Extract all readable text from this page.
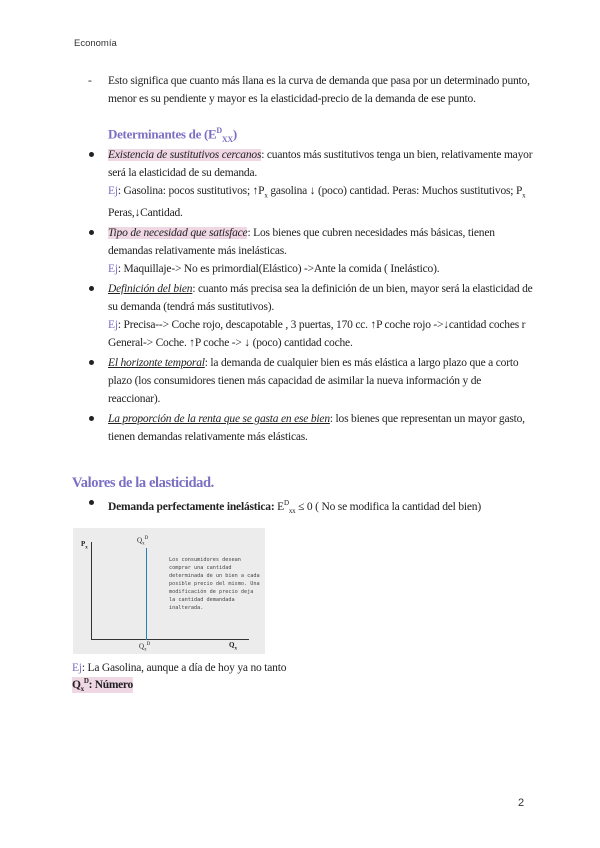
Economía
- Esto significa que cuanto más llana es la curva de demanda que pasa por un determinado punto, menor es su pendiente y mayor es la elasticidad-precio de la demanda de ese punto.
Determinantes de $(E^D_{XX})$
Existencia de sustitutivos cercanos: cuantos más sustitutivos tenga un bien, relativamente mayor será la elasticidad de su demanda.
Ej: Gasolina: pocos sustitutivos; $↑P_x$ gasolina ↓ (poco) cantidad. Peras: Muchos sustitutivos; $P_x$ Peras,↓Cantidad.
Tipo de necesidad que satisface: Los bienes que cubren necesidades más básicas, tienen demandas relativamente más inelásticas.
Ej: Maquillaje-> No es primordial(Elástico) ->Ante la comida ( Inelástico).
Definición del bien: cuanto más precisa sea la definición de un bien, mayor será la elasticidad de su demanda (tendrá más sustitutivos).
Ej: Precisa--> Coche rojo, descapotable , 3 puertas, 170 cc. ↑P coche rojo ->↓cantidad coches r General-> Coche. ↑P coche -> ↓ (poco) cantidad coche.
El horizonte temporal: la demanda de cualquier bien es más elástica a largo plazo que a corto plazo (los consumidores tienen más capacidad de asimilar la nueva información y de reaccionar).
La proporción de la renta que se gasta en ese bien: los bienes que representan un mayor gasto, tienen demandas relativamente más elásticas.
Valores de la elasticidad.
Demanda perfectamente inelástica: $E^D_{xx} \le 0$ ( No se modifica la cantidad del bien)
$P_x$
$Q_x^D$
$Q_x^D$	$Q_x$
Los consumidores desean comprar una cantidad determinada de un bien a cada posible precio del mismo. Una modificación de precio deja la cantidad demandada inalterada.
Ej: La Gasolina, aunque a día de hoy ya no tanto
$Q_x^D$: Número
2
